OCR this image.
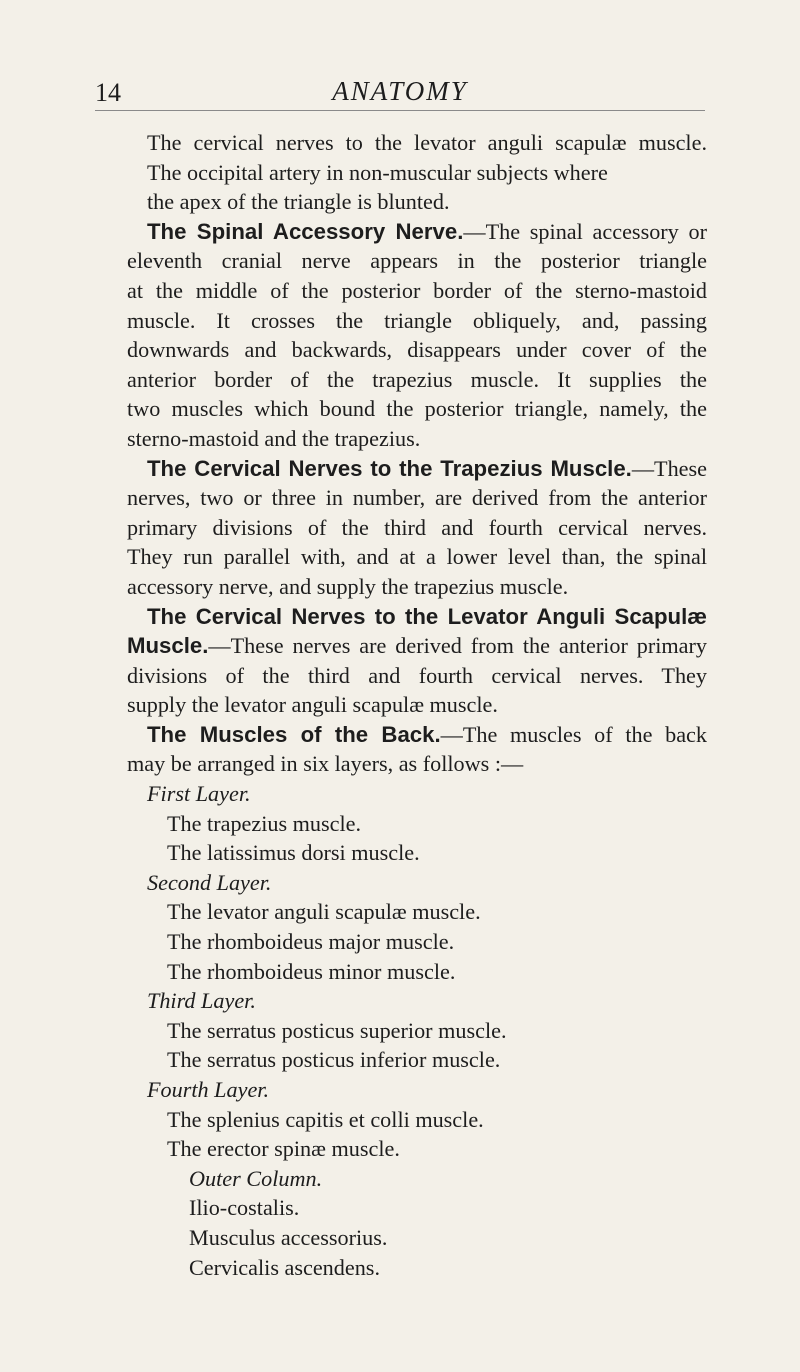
14	ANATOMY
The cervical nerves to the levator anguli scapulæ muscle.
The occipital artery in non-muscular subjects where
the apex of the triangle is blunted.
The Spinal Accessory Nerve.—The spinal accessory or
eleventh cranial nerve appears in the posterior triangle
at the middle of the posterior border of the sterno-mastoid
muscle. It crosses the triangle obliquely, and, passing
downwards and backwards, disappears under cover of the
anterior border of the trapezius muscle. It supplies the
two muscles which bound the posterior triangle, namely, the
sterno-mastoid and the trapezius.
The Cervical Nerves to the Trapezius Muscle.—These
nerves, two or three in number, are derived from the anterior
primary divisions of the third and fourth cervical nerves.
They run parallel with, and at a lower level than, the spinal
accessory nerve, and supply the trapezius muscle.
The Cervical Nerves to the Levator Anguli Scapulæ
Muscle.—These nerves are derived from the anterior primary
divisions of the third and fourth cervical nerves. They
supply the levator anguli scapulæ muscle.
The Muscles of the Back.—The muscles of the back
may be arranged in six layers, as follows :—
First Layer.
The trapezius muscle.
The latissimus dorsi muscle.
Second Layer.
The levator anguli scapulæ muscle.
The rhomboideus major muscle.
The rhomboideus minor muscle.
Third Layer.
The serratus posticus superior muscle.
The serratus posticus inferior muscle.
Fourth Layer.
The splenius capitis et colli muscle.
The erector spinæ muscle.
Outer Column.
Ilio-costalis.
Musculus accessorius.
Cervicalis ascendens.
